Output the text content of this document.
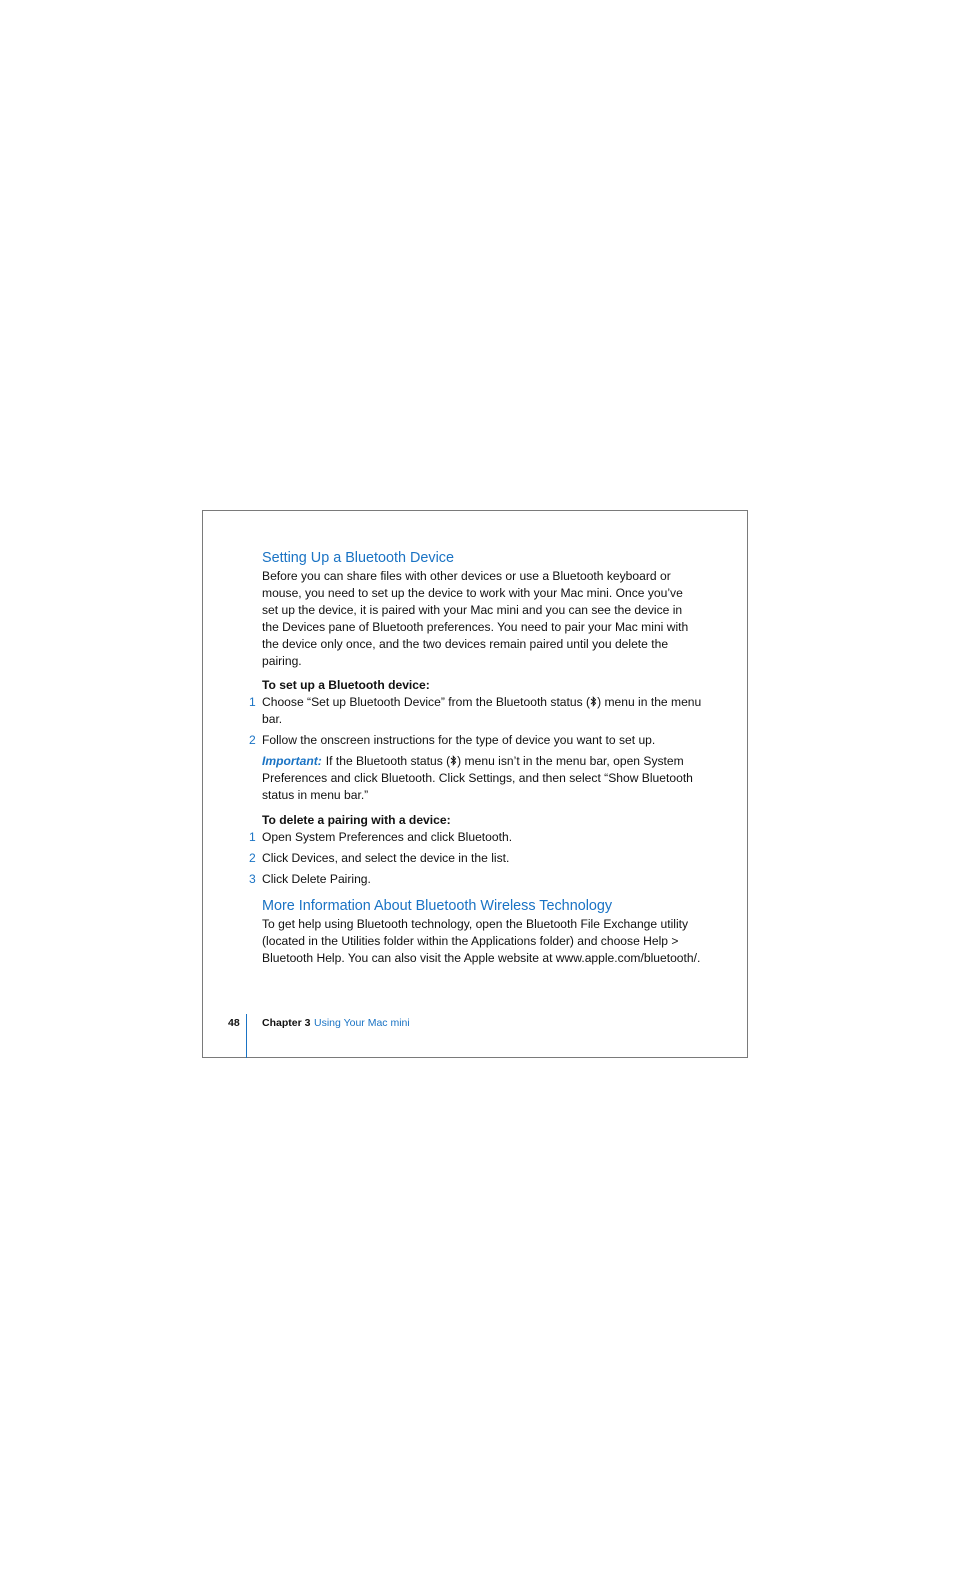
Setting Up a Bluetooth Device

Before you can share files with other devices or use a Bluetooth keyboard or mouse, you need to set up the device to work with your Mac mini. Once you’ve set up the device, it is paired with your Mac mini and you can see the device in the Devices pane of Bluetooth preferences. You need to pair your Mac mini with the device only once, and the two devices remain paired until you delete the pairing.

To set up a Bluetooth device:

1 Choose “Set up Bluetooth Device” from the Bluetooth status ( ) menu in the menu bar.
2 Follow the onscreen instructions for the type of device you want to set up.

Important: If the Bluetooth status ( ) menu isn’t in the menu bar, open System Preferences and click Bluetooth. Click Settings, and then select “Show Bluetooth status in menu bar.”

To delete a pairing with a device:

1 Open System Preferences and click Bluetooth.
2 Click Devices, and select the device in the list.
3 Click Delete Pairing.
More Information About Bluetooth Wireless Technology

To get help using Bluetooth technology, open the Bluetooth File Exchange utility (located in the Utilities folder within the Applications folder) and choose Help > Bluetooth Help. You can also visit the Apple website at www.apple.com/bluetooth/.

48 Chapter 3 Using Your Mac mini
